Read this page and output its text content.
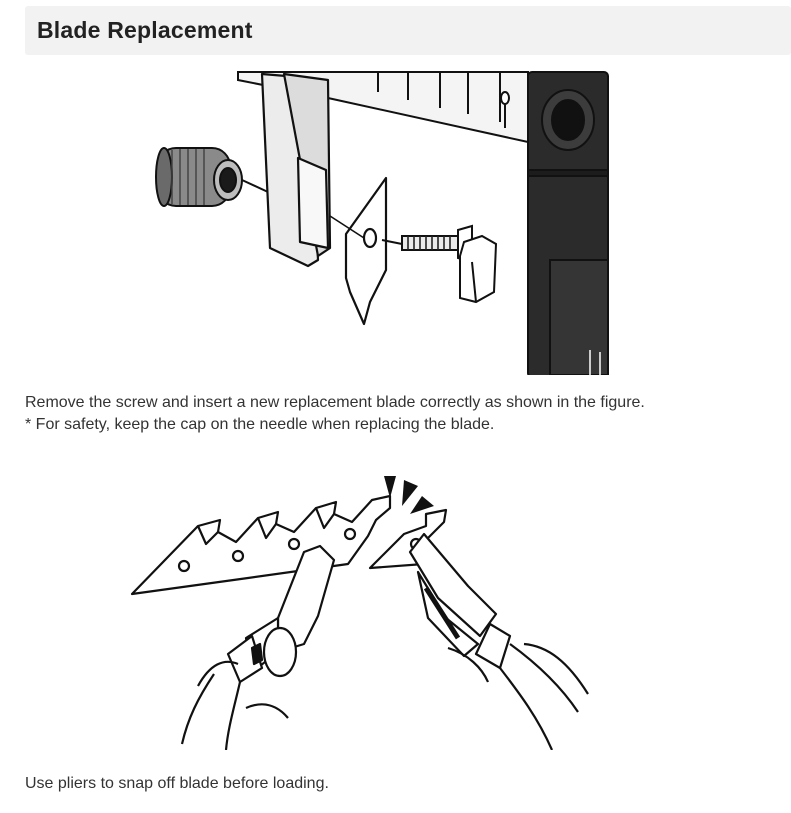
Blade Replacement

Remove the screw and insert a new replacement blade correctly as shown in the figure.

* For safety, keep the cap on the needle when replacing the blade.

Use pliers to snap off blade before loading.
